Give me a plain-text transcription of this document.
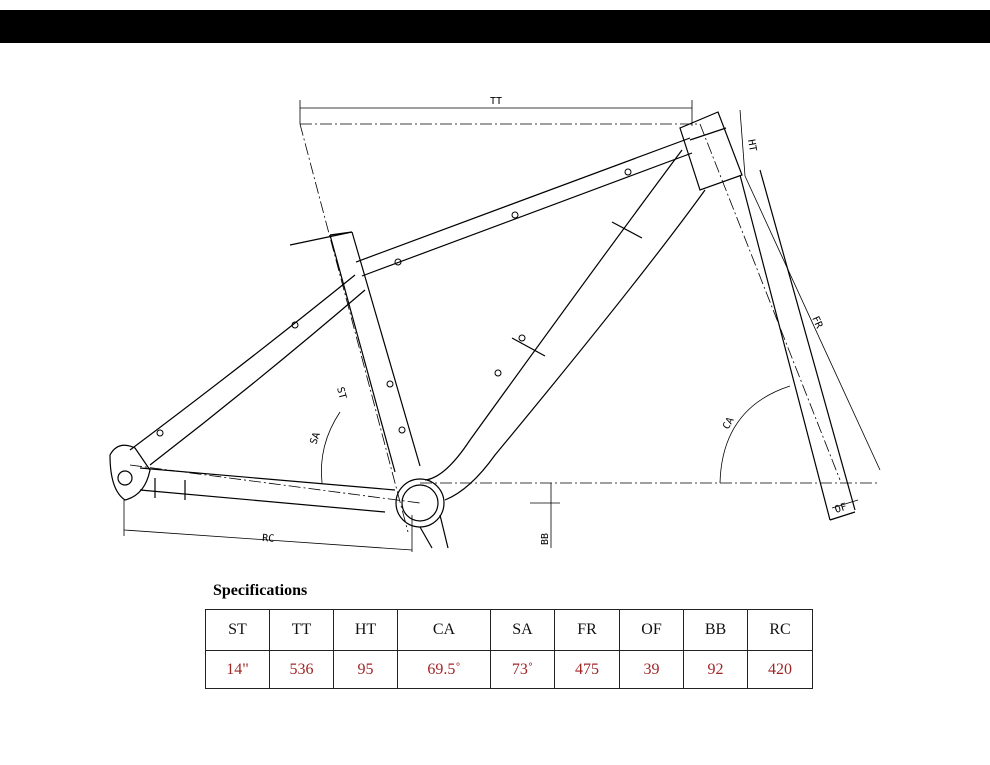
TT
HT
FR
CA
ST
SA
RC	BB
OF
Specifications
ST	TT	HT	CA	SA	FR	OF	BB	RC
14"	536	95	69.5˚	73˚	475	39	92	420
